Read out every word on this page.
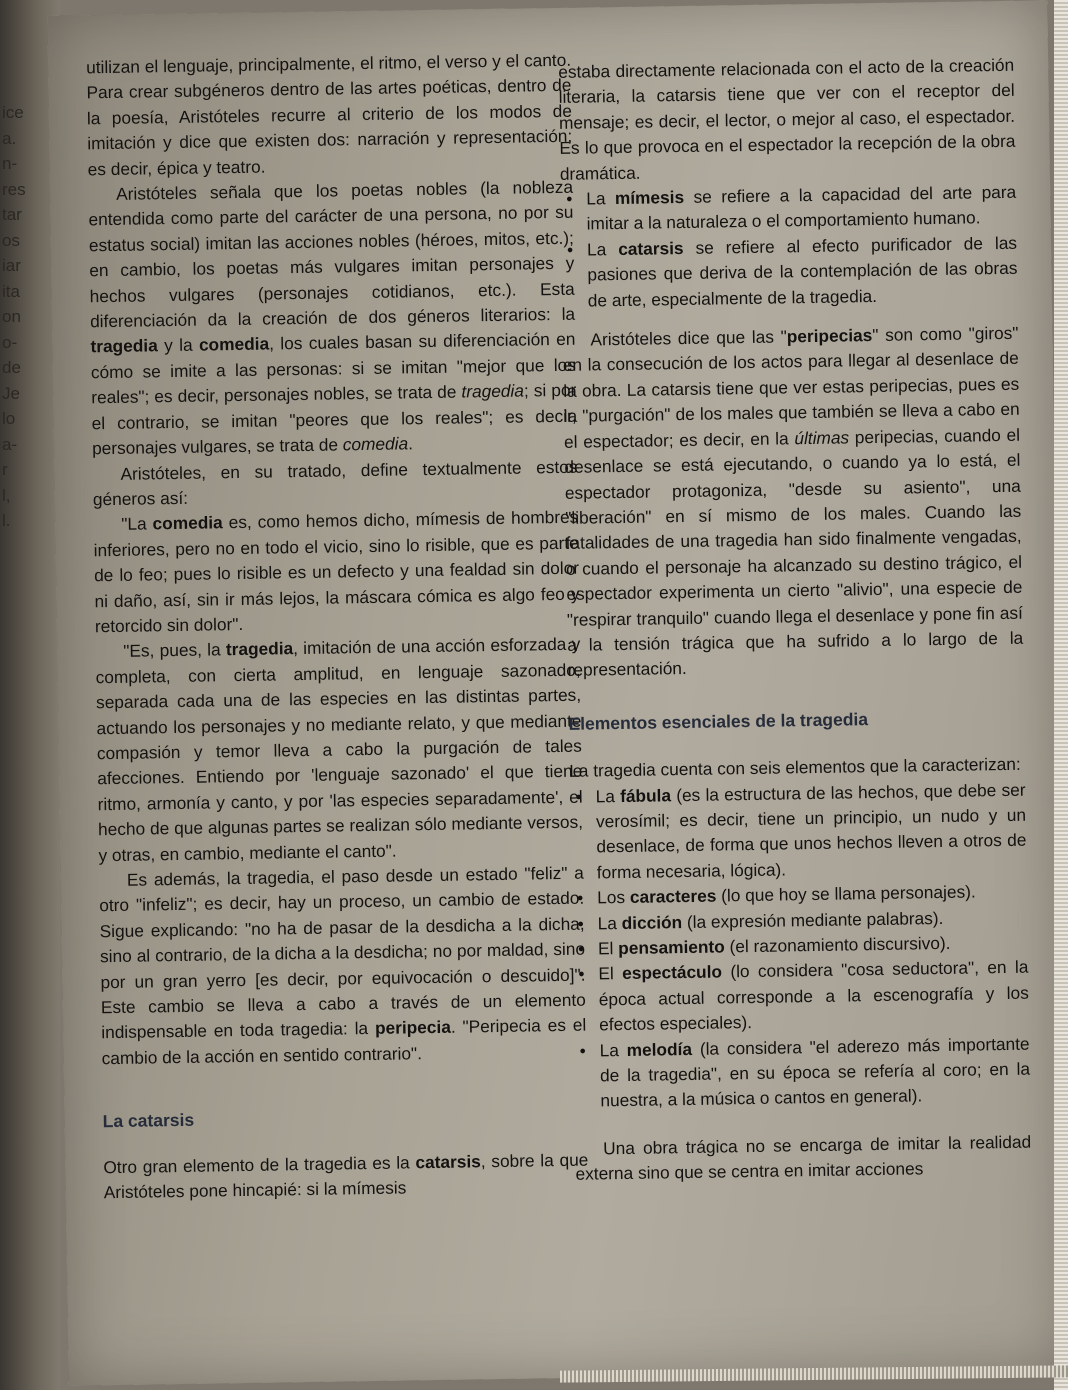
ice
a.
n-
res
tar
os
iar
ita
on
o-
de
Je
lo
a-
r
l,
l.

utilizan el lenguaje, principalmente, el ritmo, el verso y el canto. Para crear subgéneros dentro de las artes poéticas, dentro de la poesía, Aristóteles recurre al criterio de los modos de imitación y dice que existen dos: narración y representación; es decir, épica y teatro.

Aristóteles señala que los poetas nobles (la nobleza entendida como parte del carácter de una persona, no por su estatus social) imitan las acciones nobles (héroes, mitos, etc.); en cambio, los poetas más vulgares imitan personajes y hechos vulgares (personajes cotidianos, etc.). Esta diferenciación da la creación de dos géneros literarios: la tragedia y la comedia, los cuales basan su diferenciación en cómo se imite a las personas: si se imitan "mejor que los reales"; es decir, personajes nobles, se trata de tragedia; si por el contrario, se imitan "peores que los reales"; es decir, personajes vulgares, se trata de comedia.

Aristóteles, en su tratado, define textualmente estos géneros así:

"La comedia es, como hemos dicho, mímesis de hombres inferiores, pero no en todo el vicio, sino lo risible, que es parte de lo feo; pues lo risible es un defecto y una fealdad sin dolor ni daño, así, sin ir más lejos, la máscara cómica es algo feo y retorcido sin dolor".

"Es, pues, la tragedia, imitación de una acción esforzada y completa, con cierta amplitud, en lenguaje sazonado, separada cada una de las especies en las distintas partes, actuando los personajes y no mediante relato, y que mediante compasión y temor lleva a cabo la purgación de tales afecciones. Entiendo por 'lenguaje sazonado' el que tiene ritmo, armonía y canto, y por 'las especies separadamente', el hecho de que algunas partes se realizan sólo mediante versos, y otras, en cambio, mediante el canto".

Es además, la tragedia, el paso desde un estado "feliz" a otro "infeliz"; es decir, hay un proceso, un cambio de estado. Sigue explicando: "no ha de pasar de la desdicha a la dicha, sino al contrario, de la dicha a la desdicha; no por maldad, sino por un gran yerro [es decir, por equivocación o descuido]". Este cambio se lleva a cabo a través de un elemento indispensable en toda tragedia: la peripecia. "Peripecia es el cambio de la acción en sentido contrario".

La catarsis

Otro gran elemento de la tragedia es la catarsis, sobre la que Aristóteles pone hincapié: si la mímesis

estaba directamente relacionada con el acto de la creación literaria, la catarsis tiene que ver con el receptor del mensaje; es decir, el lector, o mejor al caso, el espectador. Es lo que provoca en el espectador la recepción de la obra dramática.

• La mímesis se refiere a la capacidad del arte para imitar a la naturaleza o el comportamiento humano.
• La catarsis se refiere al efecto purificador de las pasiones que deriva de la contemplación de las obras de arte, especialmente de la tragedia.

Aristóteles dice que las "peripecias" son como "giros" en la consecución de los actos para llegar al desenlace de la obra. La catarsis tiene que ver estas peripecias, pues es la "purgación" de los males que también se lleva a cabo en el espectador; es decir, en la últimas peripecias, cuando el desenlace se está ejecutando, o cuando ya lo está, el espectador protagoniza, "desde su asiento", una "liberación" en sí mismo de los males. Cuando las fatalidades de una tragedia han sido finalmente vengadas, o cuando el personaje ha alcanzado su destino trágico, el espectador experimenta un cierto "alivio", una especie de "respirar tranquilo" cuando llega el desenlace y pone fin así a la tensión trágica que ha sufrido a lo largo de la representación.

Elementos esenciales de la tragedia

La tragedia cuenta con seis elementos que la caracterizan:

• La fábula (es la estructura de las hechos, que debe ser verosímil; es decir, tiene un principio, un nudo y un desenlace, de forma que unos hechos lleven a otros de forma necesaria, lógica).
• Los caracteres (lo que hoy se llama personajes).
• La dicción (la expresión mediante palabras).
• El pensamiento (el razonamiento discursivo).
• El espectáculo (lo considera "cosa seductora", en la época actual corresponde a la escenografía y los efectos especiales).
• La melodía (la considera "el aderezo más importante de la tragedia", en su época se refería al coro; en la nuestra, a la música o cantos en general).

Una obra trágica no se encarga de imitar la realidad externa sino que se centra en imitar acciones
